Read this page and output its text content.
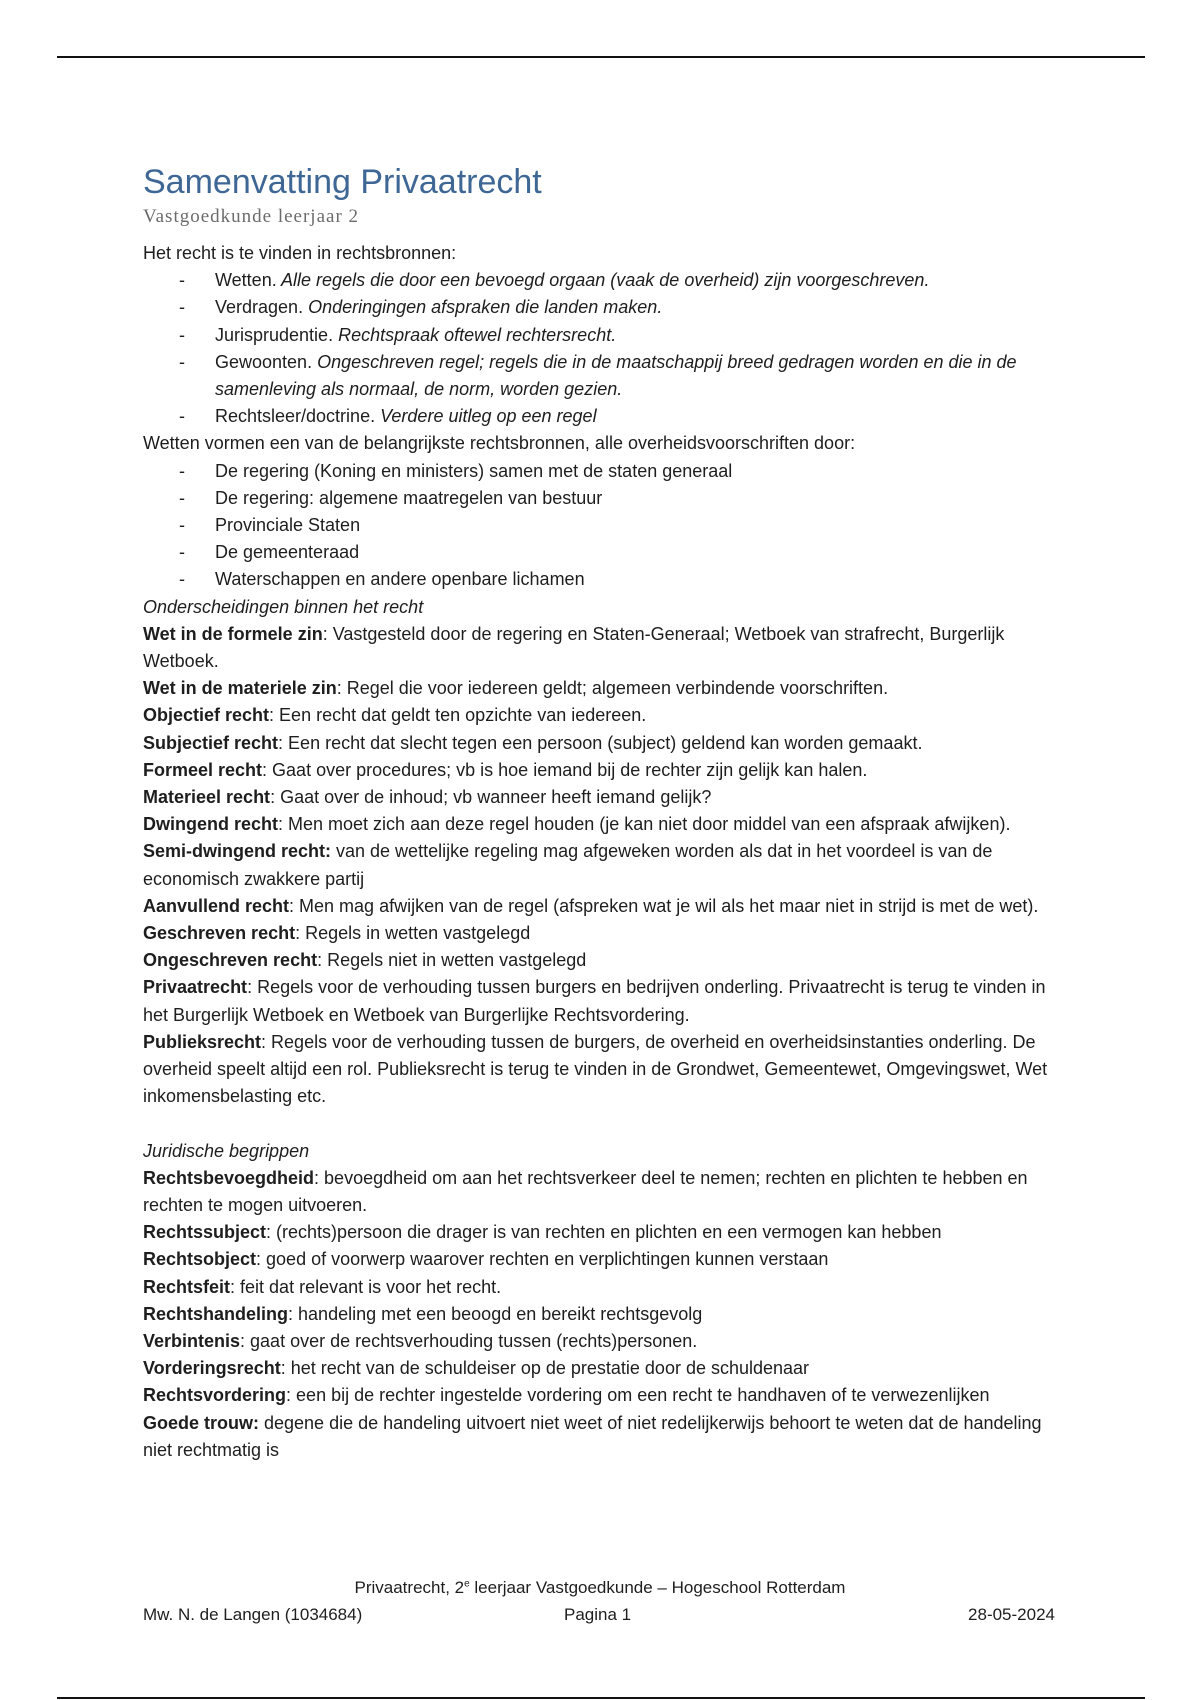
Samenvatting Privaatrecht

Vastgoedkunde leerjaar 2

Het recht is te vinden in rechtsbronnen:

- Wetten. Alle regels die door een bevoegd orgaan (vaak de overheid) zijn voorgeschreven.
- Verdragen. Onderingingen afspraken die landen maken.
- Jurisprudentie. Rechtspraak oftewel rechtersrecht.
- Gewoonten. Ongeschreven regel; regels die in de maatschappij breed gedragen worden en die in de samenleving als normaal, de norm, worden gezien.
- Rechtsleer/doctrine. Verdere uitleg op een regel

Wetten vormen een van de belangrijkste rechtsbronnen, alle overheidsvoorschriften door:

- De regering (Koning en ministers) samen met de staten generaal
- De regering: algemene maatregelen van bestuur
- Provinciale Staten
- De gemeenteraad
- Waterschappen en andere openbare lichamen

Onderscheidingen binnen het recht

Wet in de formele zin: Vastgesteld door de regering en Staten-Generaal; Wetboek van strafrecht, Burgerlijk Wetboek.

Wet in de materiele zin: Regel die voor iedereen geldt; algemeen verbindende voorschriften.

Objectief recht: Een recht dat geldt ten opzichte van iedereen.

Subjectief recht: Een recht dat slecht tegen een persoon (subject) geldend kan worden gemaakt.

Formeel recht: Gaat over procedures; vb is hoe iemand bij de rechter zijn gelijk kan halen.

Materieel recht: Gaat over de inhoud; vb wanneer heeft iemand gelijk?

Dwingend recht: Men moet zich aan deze regel houden (je kan niet door middel van een afspraak afwijken).

Semi-dwingend recht: van de wettelijke regeling mag afgeweken worden als dat in het voordeel is van de economisch zwakkere partij

Aanvullend recht: Men mag afwijken van de regel (afspreken wat je wil als het maar niet in strijd is met de wet).

Geschreven recht: Regels in wetten vastgelegd

Ongeschreven recht: Regels niet in wetten vastgelegd

Privaatrecht: Regels voor de verhouding tussen burgers en bedrijven onderling. Privaatrecht is terug te vinden in het Burgerlijk Wetboek en Wetboek van Burgerlijke Rechtsvordering.

Publieksrecht: Regels voor de verhouding tussen de burgers, de overheid en overheidsinstanties onderling. De overheid speelt altijd een rol. Publieksrecht is terug te vinden in de Grondwet, Gemeentewet, Omgevingswet, Wet inkomensbelasting etc.

Juridische begrippen

Rechtsbevoegdheid: bevoegdheid om aan het rechtsverkeer deel te nemen; rechten en plichten te hebben en rechten te mogen uitvoeren.

Rechtssubject: (rechts)persoon die drager is van rechten en plichten en een vermogen kan hebben

Rechtsobject: goed of voorwerp waarover rechten en verplichtingen kunnen verstaan

Rechtsfeit: feit dat relevant is voor het recht.

Rechtshandeling: handeling met een beoogd en bereikt rechtsgevolg

Verbintenis: gaat over de rechtsverhouding tussen (rechts)personen.

Vorderingsrecht: het recht van de schuldeiser op de prestatie door de schuldenaar

Rechtsvordering: een bij de rechter ingestelde vordering om een recht te handhaven of te verwezenlijken

Goede trouw: degene die de handeling uitvoert niet weet of niet redelijkerwijs behoort te weten dat de handeling niet rechtmatig is

Privaatrecht, 2e leerjaar Vastgoedkunde – Hogeschool Rotterdam
Mw. N. de Langen (1034684)	Pagina 1	28-05-2024
